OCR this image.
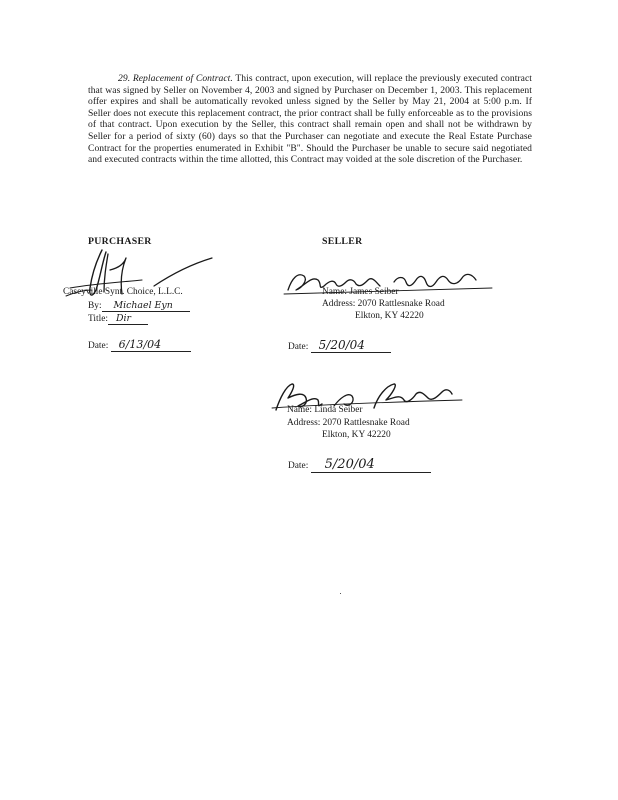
29. Replacement of Contract. This contract, upon execution, will replace the previously executed contract that was signed by Seller on November 4, 2003 and signed by Purchaser on December 1, 2003. This replacement offer expires and shall be automatically revoked unless signed by the Seller by May 21, 2004 at 5:00 p.m. If Seller does not execute this replacement contract, the prior contract shall be fully enforceable as to the provisions of that contract. Upon execution by the Seller, this contract shall remain open and shall not be withdrawn by Seller for a period of sixty (60) days so that the Purchaser can negotiate and execute the Real Estate Purchase Contract for the properties enumerated in Exhibit "B". Should the Purchaser be unable to secure said negotiated and executed contracts within the time allotted, this Contract may voided at the sole discretion of the Purchaser.
PURCHASER
Caseyville Synt. Choice, L.L.C.
By: Michael Eyn
Title: Dir
Date: 6/13/04
SELLER
Name: James Seiber
Address: 2070 Rattlesnake Road
Elkton, KY 42220
Date: 5/20/04
Name: Linda Seiber
Address: 2070 Rattlesnake Road
Elkton, KY 42220
Date: 5/20/04
